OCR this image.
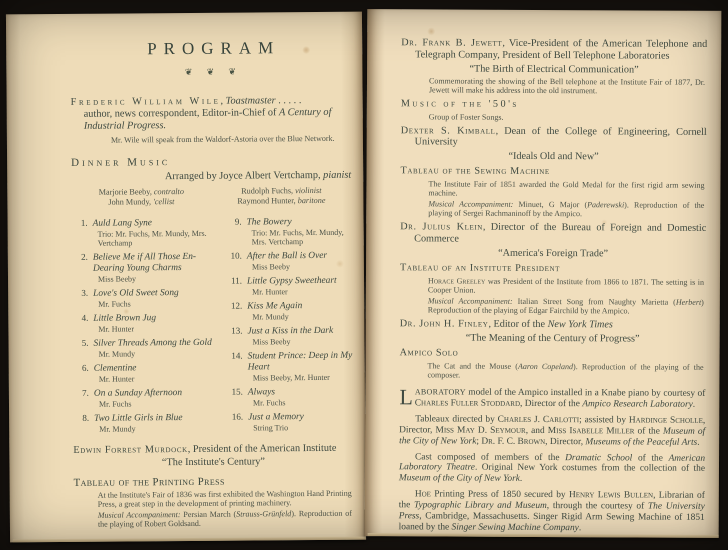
PROGRAM
❦ ❦ ❦

Frederic William Wile, Toastmaster . . . . .

author, news correspondent, Editor-in-Chief of A Century of Industrial Progress.

Mr. Wile will speak from the Waldorf-Astoria over the Blue Network.

Dinner Music

Arranged by Joyce Albert Vertchamp, pianist

Marjorie Beeby, contralto

John Mundy, 'cellist

Rudolph Fuchs, violinist

Raymond Hunter, baritone

1. Auld Lang Syne

Trio: Mr. Fuchs, Mr. Mundy, Mrs. Vertchamp

2. Believe Me if All Those En-Dearing Young Charms

Miss Beeby

3. Love's Old Sweet Song

Mr. Fuchs

4. Little Brown Jug

Mr. Hunter

5. Silver Threads Among the Gold

Mr. Mundy

6. Clementine

Mr. Hunter

7. On a Sunday Afternoon

Mr. Fuchs

8. Two Little Girls in Blue

Mr. Mundy

9. The Bowery

Trio: Mr. Fuchs, Mr. Mundy, Mrs. Vertchamp

10. After the Ball is Over

Miss Beeby

11. Little Gypsy Sweetheart

Mr. Hunter

12. Kiss Me Again

Mr. Mundy

13. Just a Kiss in the Dark

Miss Beeby

14. Student Prince: Deep in My Heart

Miss Beeby, Mr. Hunter

15. Always

Mr. Fuchs

16. Just a Memory

String Trio

Edwin Forrest Murdock, President of the American Institute

“The Institute's Century”

Tableau of the Printing Press

At the Institute's Fair of 1836 was first exhibited the Washington Hand Printing Press, a great step in the development of printing machinery.

Musical Accompaniment: Persian March (Strauss-Grünfeld). Reproduction of the playing of Robert Goldsand.

Dr. Frank B. Jewett, Vice-President of the American Telephone and Telegraph Company, President of Bell Telephone Laboratories

“The Birth of Electrical Communication”

Commemorating the showing of the Bell telephone at the Institute Fair of 1877, Dr. Jewett will make his address into the old instrument.

Music of the '50's

Group of Foster Songs.

Dexter S. Kimball, Dean of the College of Engineering, Cornell University

“Ideals Old and New”

Tableau of the Sewing Machine

The Institute Fair of 1851 awarded the Gold Medal for the first rigid arm sewing machine.

Musical Accompaniment: Minuet, G Major (Paderewski). Reproduction of the playing of Sergei Rachmaninoff by the Ampico.

Dr. Julius Klein, Director of the Bureau of Foreign and Domestic Commerce

“America's Foreign Trade”

Tableau of an Institute President

Horace Greeley was President of the Institute from 1866 to 1871. The setting is in Cooper Union.

Musical Accompaniment: Italian Street Song from Naughty Marietta (Herbert) Reproduction of the playing of Edgar Fairchild by the Ampico.

Dr. John H. Finley, Editor of the New York Times

“The Meaning of the Century of Progress”

Ampico Solo

The Cat and the Mouse (Aaron Copeland). Reproduction of the playing of the composer.

LABORATORY model of the Ampico installed in a Knabe piano by courtesy of Charles Fuller Stoddard, Director of the Ampico Research Laboratory.

Tableaux directed by Charles J. Carlotti; assisted by Hardinge Scholle, Director, Miss May D. Seymour, and Miss Isabelle Miller of the Museum of the City of New York; Dr. F. C. Brown, Director, Museums of the Peaceful Arts.

Cast composed of members of the Dramatic School of the American Laboratory Theatre. Original New York costumes from the collection of the Museum of the City of New York.

Hoe Printing Press of 1850 secured by Henry Lewis Bullen, Librarian of the Typographic Library and Museum, through the courtesy of The University Press, Cambridge, Massachusetts. Singer Rigid Arm Sewing Machine of 1851 loaned by the Singer Sewing Machine Company.
